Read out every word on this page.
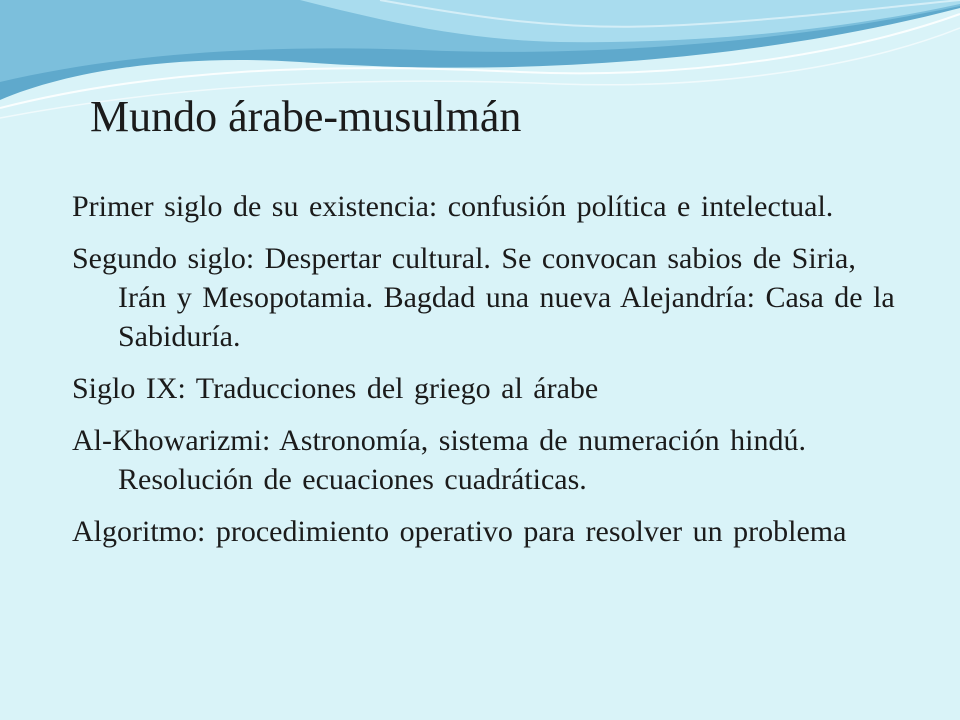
Mundo árabe-musulmán

Primer siglo de su existencia: confusión política e intelectual.

Segundo siglo: Despertar cultural. Se convocan sabios de Siria, Irán y Mesopotamia. Bagdad una nueva Alejandría: Casa de la Sabiduría.

Siglo IX: Traducciones del griego al árabe

Al-Khowarizmi: Astronomía, sistema de numeración hindú. Resolución de ecuaciones cuadráticas.

Algoritmo: procedimiento operativo para resolver un problema
